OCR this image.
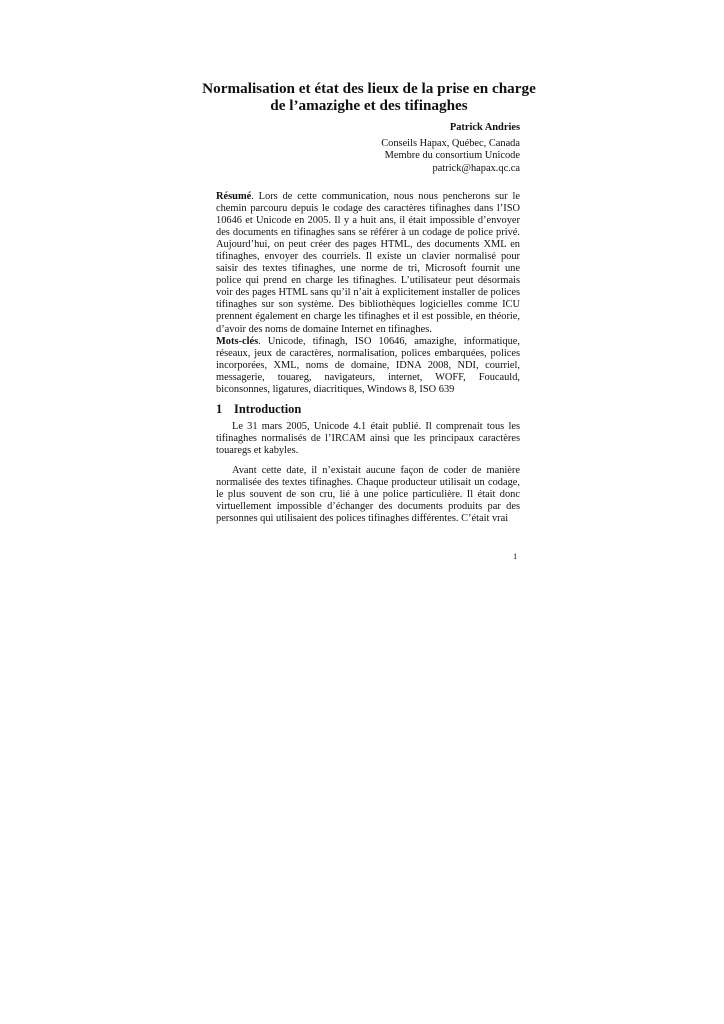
Normalisation et état des lieux de la prise en charge
de l’amazighe et des tifinaghes
Patrick Andries
Conseils Hapax, Québec, Canada
Membre du consortium Unicode
patrick@hapax.qc.ca

Résumé. Lors de cette communication, nous nous pencherons sur le chemin parcouru depuis le codage des caractères tifinaghes dans l’ISO 10646 et Unicode en 2005. Il y a huit ans, il était impossible d’envoyer des documents en tifinaghes sans se référer à un codage de police privé. Aujourd’hui, on peut créer des pages HTML, des documents XML en tifinaghes, envoyer des courriels. Il existe un clavier normalisé pour saisir des textes tifinaghes, une norme de tri, Microsoft fournit une police qui prend en charge les tifinaghes. L’utilisateur peut désormais voir des pages HTML sans qu’il n’ait à explicitement installer de polices tifinaghes sur son système. Des bibliothèques logicielles comme ICU prennent également en charge les tifinaghes et il est possible, en théorie, d’avoir des noms de domaine Internet en tifinaghes.

Mots-clés. Unicode, tifinagh, ISO 10646, amazighe, informatique, réseaux, jeux de caractères, normalisation, polices embarquées, polices incorporées, XML, noms de domaine, IDNA 2008, NDI, courriel, messagerie, touareg, navigateurs, internet, WOFF, Foucauld, biconsonnes, ligatures, diacritiques, Windows 8, ISO 639

1 Introduction

Le 31 mars 2005, Unicode 4.1 était publié. Il comprenait tous les tifinaghes normalisés de l’IRCAM ainsi que les principaux caractères touaregs et kabyles.

Avant cette date, il n’existait aucune façon de coder de manière normalisée des textes tifinaghes. Chaque producteur utilisait un codage, le plus souvent de son cru, lié à une police particulière. Il était donc virtuellement impossible d’échanger des documents produits par des personnes qui utilisaient des polices tifinaghes différentes. C’était vrai

1
